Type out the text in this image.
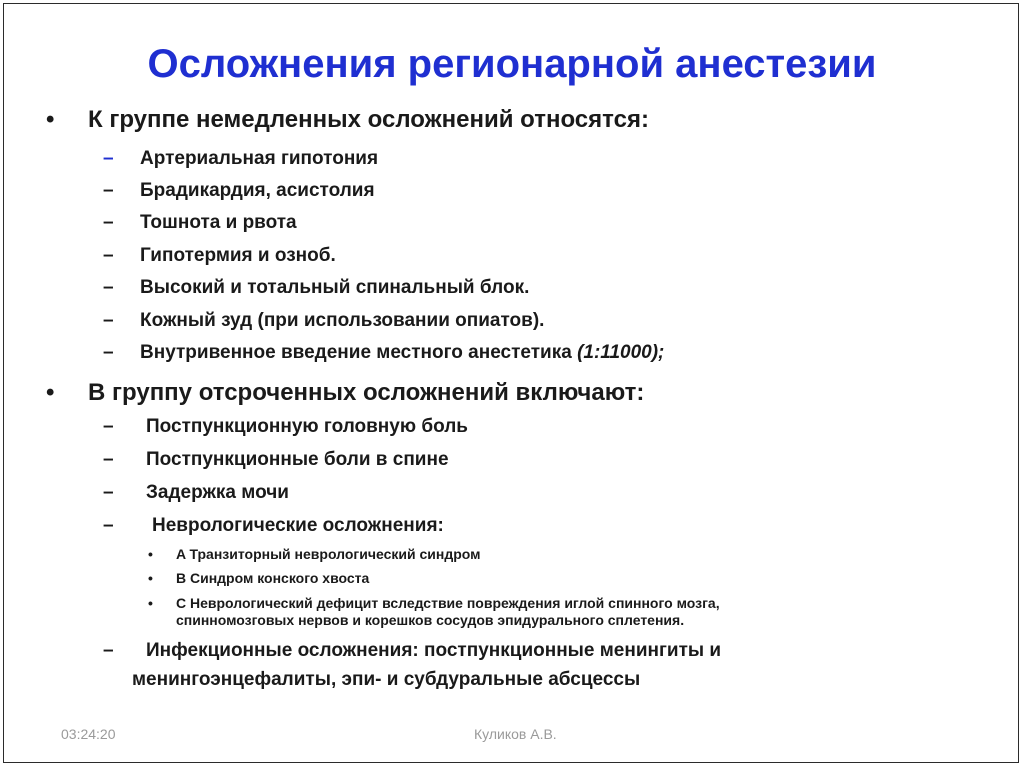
Осложнения регионарной анестезии
• К группе немедленных осложнений относятся:
– Артериальная гипотония
– Брадикардия, асистолия
– Тошнота и рвота
– Гипотермия и озноб.
– Высокий и тотальный спинальный блок.
– Кожный зуд (при использовании опиатов).
– Внутривенное введение местного анестетика (1:11000);
• В группу отсроченных осложнений включают:
– Постпункционную головную боль
– Постпункционные боли в спине
– Задержка мочи
– Неврологические осложнения:
• A Транзиторный неврологический синдром
• B Синдром конского хвоста
• C Неврологический дефицит вследствие повреждения иглой спинного мозга,
спинномозговых нервов и корешков сосудов эпидурального сплетения.
– Инфекционные осложнения: постпункционные менингиты и
менингоэнцефалиты, эпи- и субдуральные абсцессы
03:24:20	Куликов А.В.
